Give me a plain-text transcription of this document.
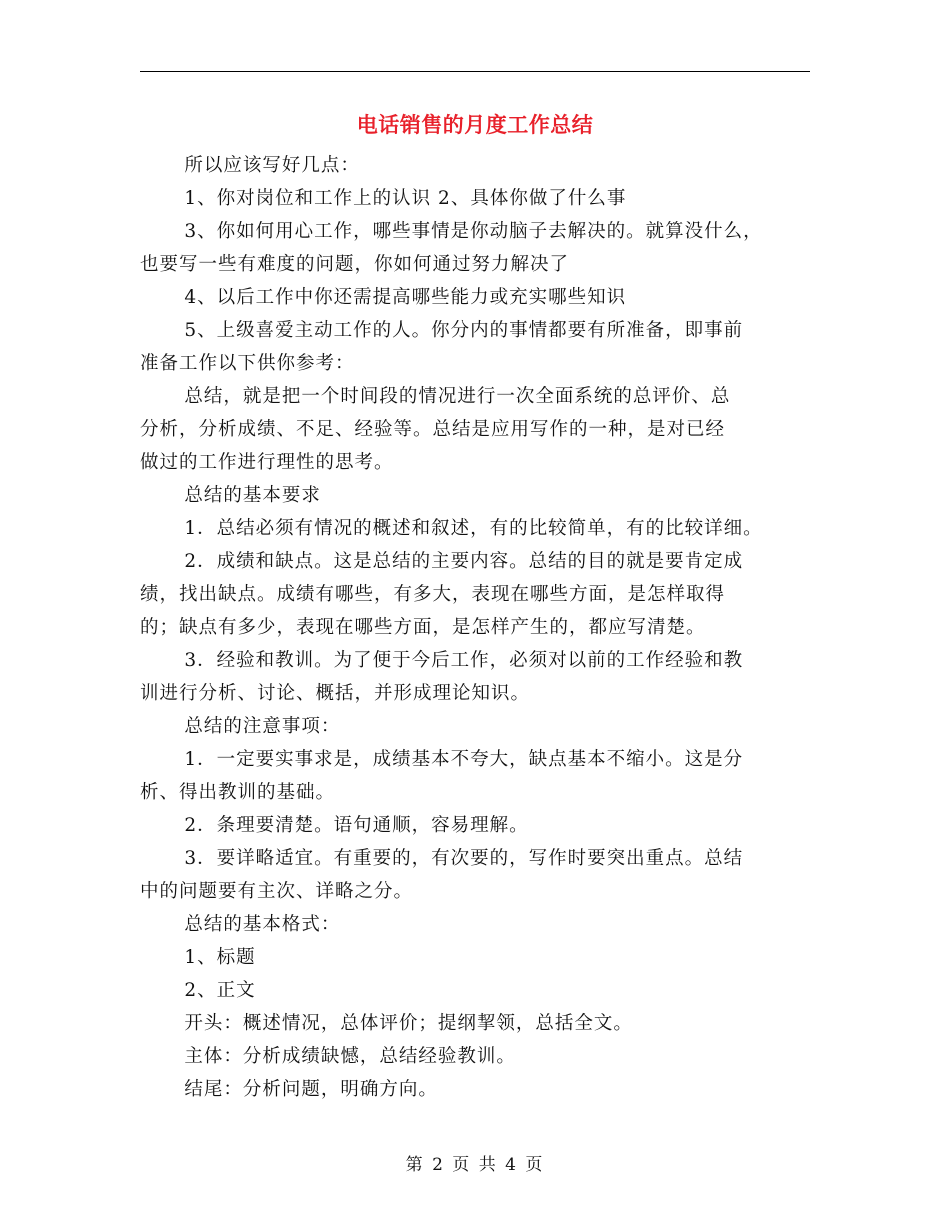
电话销售的月度工作总结

所以应该写好几点：

1、你对岗位和工作上的认识 2、具体你做了什么事

3、你如何用心工作，哪些事情是你动脑子去解决的。就算没什么，
也要写一些有难度的问题，你如何通过努力解决了

4、以后工作中你还需提高哪些能力或充实哪些知识

5、上级喜爱主动工作的人。你分内的事情都要有所准备，即事前
准备工作以下供你参考：

总结，就是把一个时间段的情况进行一次全面系统的总评价、总
分析，分析成绩、不足、经验等。总结是应用写作的一种，是对已经
做过的工作进行理性的思考。

总结的基本要求

1．总结必须有情况的概述和叙述，有的比较简单，有的比较详细。

2．成绩和缺点。这是总结的主要内容。总结的目的就是要肯定成
绩，找出缺点。成绩有哪些，有多大，表现在哪些方面，是怎样取得
的；缺点有多少，表现在哪些方面，是怎样产生的，都应写清楚。

3．经验和教训。为了便于今后工作，必须对以前的工作经验和教
训进行分析、讨论、概括，并形成理论知识。

总结的注意事项：

1．一定要实事求是，成绩基本不夸大，缺点基本不缩小。这是分
析、得出教训的基础。

2．条理要清楚。语句通顺，容易理解。

3．要详略适宜。有重要的，有次要的，写作时要突出重点。总结
中的问题要有主次、详略之分。

总结的基本格式：

1、标题

2、正文

开头：概述情况，总体评价；提纲挈领，总括全文。

主体：分析成绩缺憾，总结经验教训。

结尾：分析问题，明确方向。

第 2 页 共 4 页
